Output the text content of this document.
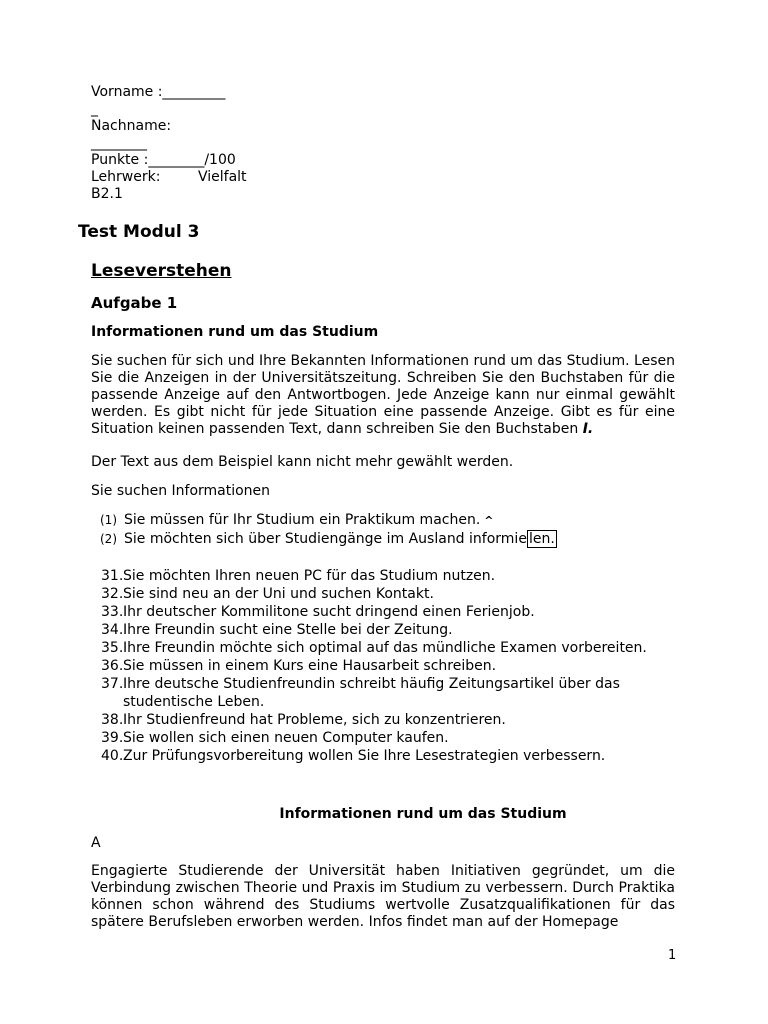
Vorname :_________
_
Nachname:
________
Punkte :________/100
Lehrwerk:	Vielfalt
B2.1
Test Modul 3
Leseverstehen
Aufgabe 1
Informationen rund um das Studium
Sie suchen für sich und Ihre Bekannten Informationen rund um das Studium. Lesen Sie die Anzeigen in der Universitätszeitung. Schreiben Sie den Buchstaben für die passende Anzeige auf den Antwortbogen. Jede Anzeige kann nur einmal gewählt werden. Es gibt nicht für jede Situation eine passende Anzeige. Gibt es für eine Situation keinen passenden Text, dann schreiben Sie den Buchstaben I.
Der Text aus dem Beispiel kann nicht mehr gewählt werden.
Sie suchen Informationen
(1) Sie müssen für Ihr Studium ein Praktikum machen. ^
(2) Sie möchten sich über Studiengänge im Ausland informie len.
31. Sie möchten Ihren neuen PC für das Studium nutzen.
32. Sie sind neu an der Uni und suchen Kontakt.
33. Ihr deutscher Kommilitone sucht dringend einen Ferienjob.
34. Ihre Freundin sucht eine Stelle bei der Zeitung.
35. Ihre Freundin möchte sich optimal auf das mündliche Examen vorbereiten.
36. Sie müssen in einem Kurs eine Hausarbeit schreiben.
37. Ihre deutsche Studienfreundin schreibt häufig Zeitungsartikel über das studentische Leben.
38. Ihr Studienfreund hat Probleme, sich zu konzentrieren.
39. Sie wollen sich einen neuen Computer kaufen.
40. Zur Prüfungsvorbereitung wollen Sie Ihre Lesestrategien verbessern.
Informationen rund um das Studium
A
Engagierte Studierende der Universität haben Initiativen gegründet, um die Verbindung zwischen Theorie und Praxis im Studium zu verbessern. Durch Praktika können schon während des Studiums wertvolle Zusatzqualifikationen für das spätere Berufsleben erworben werden. Infos findet man auf der Homepage
1
